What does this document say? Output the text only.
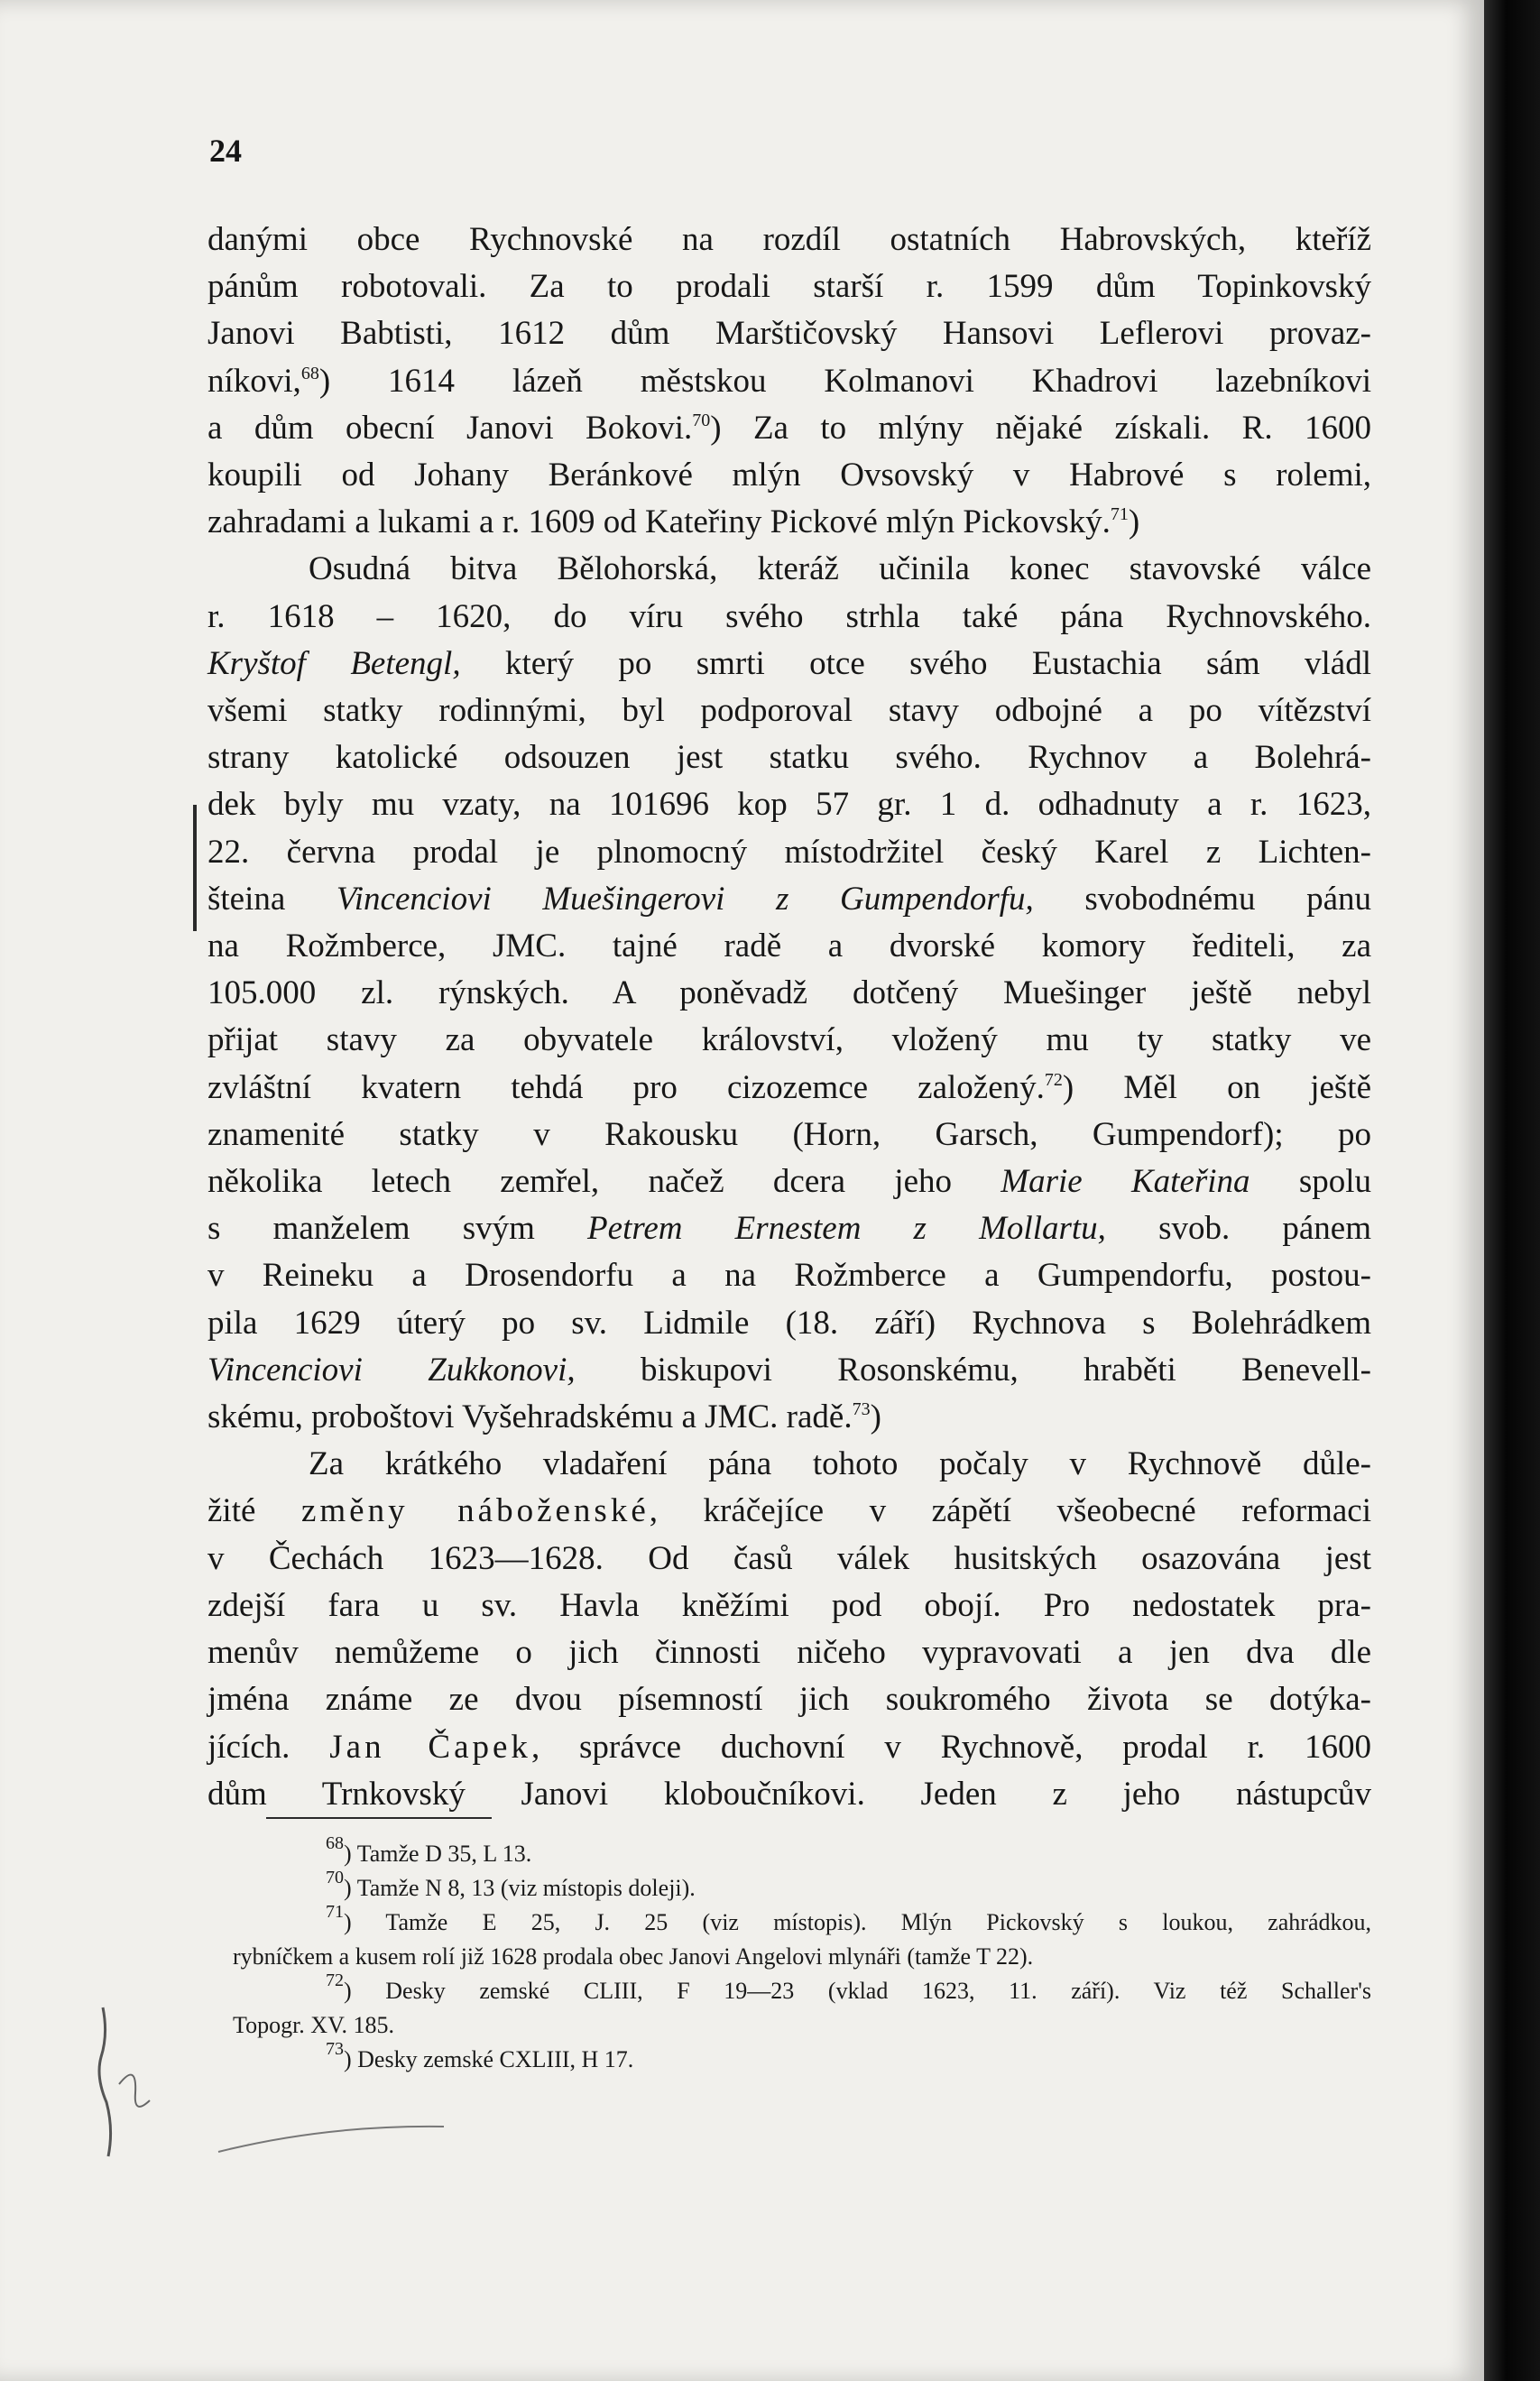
24
danými obce Rychnovské na rozdíl ostatních Habrovských, kteříž
pánům robotovali. Za to prodali starší r. 1599 dům Topinkovský
Janovi Babtisti, 1612 dům Marštičovský Hansovi Leflerovi provaz-
níkovi,$^{68}$) 1614 lázeň městskou Kolmanovi Khadrovi lazebníkovi
a dům obecní Janovi Bokovi.$^{70}$) Za to mlýny nějaké získali. R. 1600
koupili od Johany Beránkové mlýn Ovsovský v Habrové s rolemi,
zahradami a lukami a r. 1609 od Kateřiny Pickové mlýn Pickovský.$^{71}$)
Osudná bitva Bělohorská, kteráž učinila konec stavovské válce
r. 1618 – 1620, do víru svého strhla také pána Rychnovského.
Kryštof Betengl, který po smrti otce svého Eustachia sám vládl
všemi statky rodinnými, byl podporoval stavy odbojné a po vítězství
strany katolické odsouzen jest statku svého. Rychnov a Bolehrá-
dek byly mu vzaty, na 101696 kop 57 gr. 1 d. odhadnuty a r. 1623,
22. června prodal je plnomocný místodržitel český Karel z Lichten-
šteina Vincenciovi Muešingerovi z Gumpendorfu, svobodnému pánu
na Rožmberce, JMC. tajné radě a dvorské komory řediteli, za
105.000 zl. rýnských. A poněvadž dotčený Muešinger ještě nebyl
přijat stavy za obyvatele království, vložený mu ty statky ve
zvláštní kvatern tehdá pro cizozemce založený.$^{72}$) Měl on ještě
znamenité statky v Rakousku (Horn, Garsch, Gumpendorf); po
několika letech zemřel, načež dcera jeho Marie Kateřina spolu
s manželem svým Petrem Ernestem z Mollartu, svob. pánem
v Reineku a Drosendorfu a na Rožmberce a Gumpendorfu, postou-
pila 1629 úterý po sv. Lidmile (18. září) Rychnova s Bolehrádkem
Vincenciovi Zukkonovi, biskupovi Rosonskému, hraběti Benevell-
skému, proboštovi Vyšehradskému a JMC. radě.$^{73}$)
Za krátkého vladaření pána tohoto počaly v Rychnově důle-
žité změny náboženské, kráčejíce v zápětí všeobecné reformaci
v Čechách 1623—1628. Od časů válek husitských osazována jest
zdejší fara u sv. Havla kněžími pod obojí. Pro nedostatek pra-
menův nemůžeme o jich činnosti ničeho vypravovati a jen dva dle
jména známe ze dvou písemností jich soukromého života se dotýka-
jících. Jan Čapek, správce duchovní v Rychnově, prodal r. 1600
dům Trnkovský Janovi kloboučníkovi. Jeden z jeho nástupcův
$^{68}$) Tamže D 35, L 13.
$^{70}$) Tamže N 8, 13 (viz místopis doleji).
$^{71}$) Tamže E 25, J. 25 (viz místopis). Mlýn Pickovský s loukou, zahrádkou,
rybníčkem a kusem rolí již 1628 prodala obec Janovi Angelovi mlynáři (tamže T 22).
$^{72}$) Desky zemské CLIII, F 19—23 (vklad 1623, 11. září). Viz též Schaller's
Topogr. XV. 185.
$^{73}$) Desky zemské CXLIII, H 17.
